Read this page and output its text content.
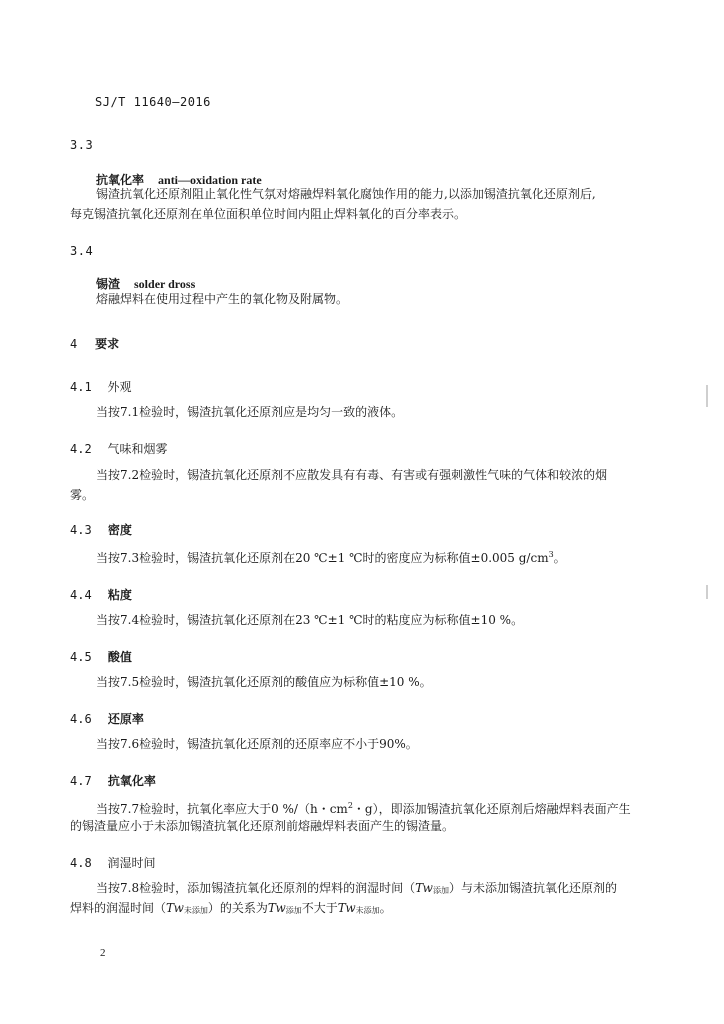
SJ/T 11640—2016
3.3
抗氧化率 anti—oxidation rate

锡渣抗氧化还原剂阻止氧化性气氛对熔融焊料氧化腐蚀作用的能力,以添加锡渣抗氧化还原剂后,

每克锡渣抗氧化还原剂在单位面积单位时间内阻止焊料氧化的百分率表示。

3.4
锡渣 solder dross

熔融焊料在使用过程中产生的氧化物及附属物。

4 要求
4.1 外观

当按7.1检验时，锡渣抗氧化还原剂应是均匀一致的液体。

4.2 气味和烟雾

当按7.2检验时，锡渣抗氧化还原剂不应散发具有有毒、有害或有强刺激性气味的气体和较浓的烟

雾。

4.3 密度

当按7.3检验时，锡渣抗氧化还原剂在20 ℃±1 ℃时的密度应为标称值±0.005 $g/cm^3$。

4.4 粘度

当按7.4检验时，锡渣抗氧化还原剂在23 ℃±1 ℃时的粘度应为标称值±10 %。

4.5 酸值

当按7.5检验时，锡渣抗氧化还原剂的酸值应为标称值±10 %。

4.6 还原率

当按7.6检验时，锡渣抗氧化还原剂的还原率应不小于90%。

4.7 抗氧化率

当按7.7检验时，抗氧化率应大于0 %/（h・$cm^2$・g），即添加锡渣抗氧化还原剂后熔融焊料表面产生

的锡渣量应小于未添加锡渣抗氧化还原剂前熔融焊料表面产生的锡渣量。

4.8 润湿时间

当按7.8检验时，添加锡渣抗氧化还原剂的焊料的润湿时间（Tw添加）与未添加锡渣抗氧化还原剂的

焊料的润湿时间（Tw未添加）的关系为Tw添加不大于Tw未添加。

2
